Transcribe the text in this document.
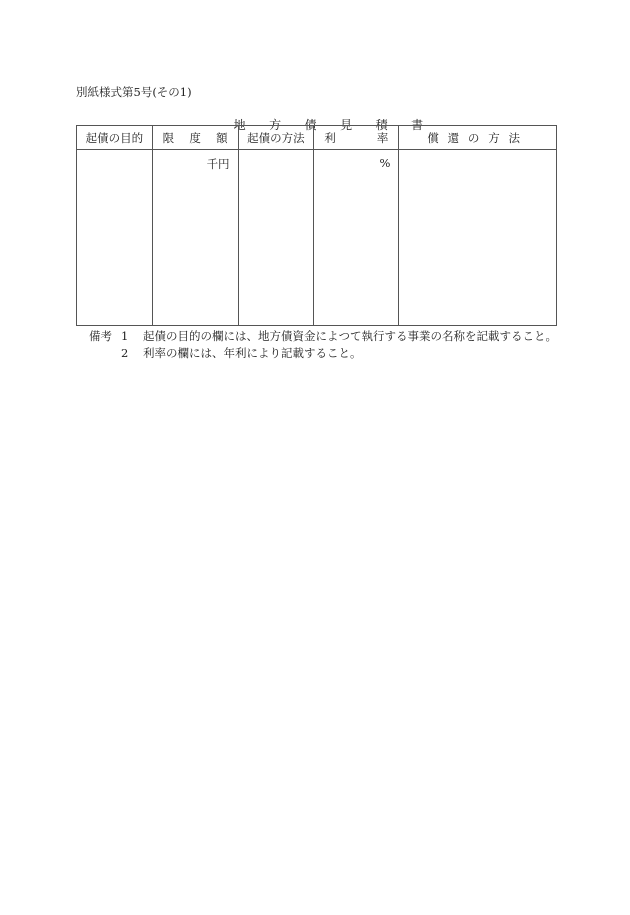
別紙様式第5号(その1)

地 方 債 見 積 書

起債の目的	限 度 額	起債の方法	利 率	償 還 の 方 法

	千円		%	
備考 1	起債の目的の欄には、地方債資金によつて執行する事業の名称を記載すること。
2	利率の欄には、年利により記載すること。
